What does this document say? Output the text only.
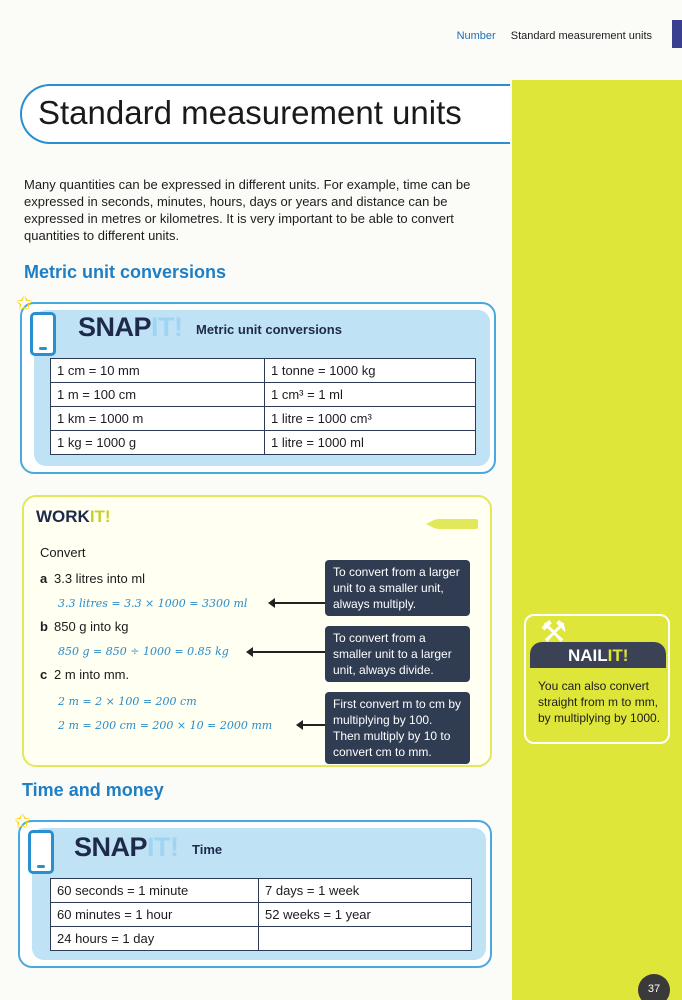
Number Standard measurement units
Standard measurement units

Many quantities can be expressed in different units. For example, time can be expressed in seconds, minutes, hours, days or years and distance can be expressed in metres or kilometres. It is very important to be able to convert quantities to different units.

Metric unit conversions
✩
SNAPIT! Metric unit conversions
1 cm = 10 mm	1 tonne = 1000 kg
1 m = 100 cm	1 cm³ = 1 ml
1 km = 1000 m	1 litre = 1000 cm³
1 kg = 1000 g	1 litre = 1000 ml
WORKIT!
Convert
a 3.3 litres into ml
3.3 litres = 3.3 × 1000 = 3300 ml
b 850 g into kg
850 g = 850 ÷ 1000 = 0.85 kg
c 2 m into mm.
2 m = 2 × 100 = 200 cm
2 m = 200 cm = 200 × 10 = 2000 mm
To convert from a larger unit to a smaller unit, always multiply.
To convert from a smaller unit to a larger unit, always divide.
First convert m to cm by multiplying by 100. Then multiply by 10 to convert cm to mm.
⚒
NAILIT!
You can also convert straight from m to mm, by multiplying by 1000.
Time and money
✩
SNAPIT! Time
60 seconds = 1 minute	7 days = 1 week
60 minutes = 1 hour	52 weeks = 1 year
24 hours = 1 day	
37
